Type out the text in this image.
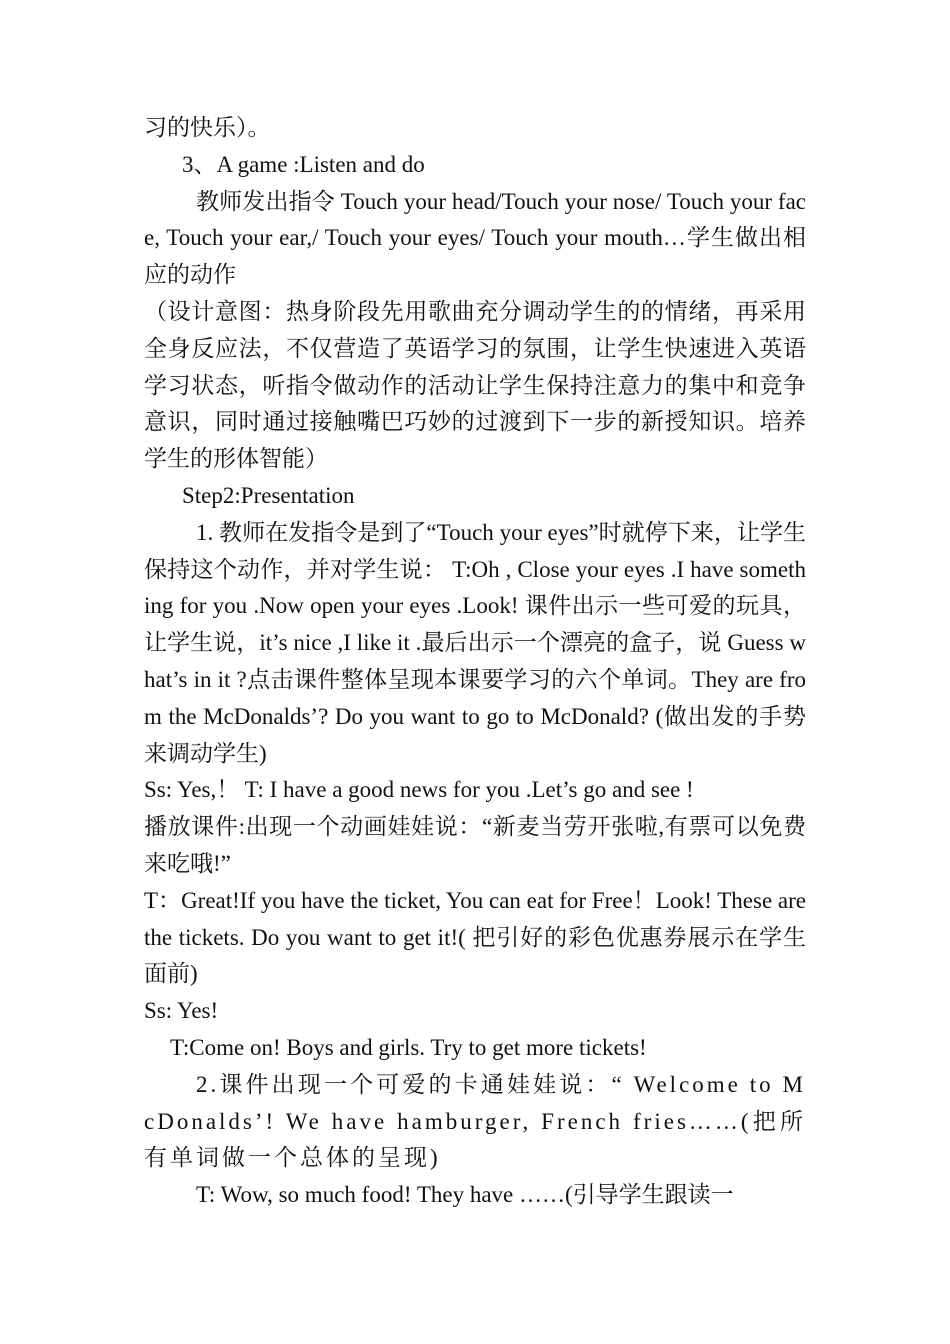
习的快乐）。

3、A game :Listen and do

教师发出指令 Touch your head/Touch your nose/ Touch your face, Touch your ear,/ Touch your eyes/ Touch your mouth…学生做出相应的动作

（设计意图：热身阶段先用歌曲充分调动学生的的情绪，再采用全身反应法，不仅营造了英语学习的氛围，让学生快速进入英语学习状态，听指令做动作的活动让学生保持注意力的集中和竞争意识，同时通过接触嘴巴巧妙的过渡到下一步的新授知识。培养学生的形体智能）

Step2:Presentation

1. 教师在发指令是到了“Touch your eyes”时就停下来，让学生保持这个动作，并对学生说： T:Oh , Close your eyes .I have something for you .Now open your eyes .Look! 课件出示一些可爱的玩具，让学生说，it’s nice ,I like it .最后出示一个漂亮的盒子，说 Guess what’s in it ?点击课件整体呈现本课要学习的六个单词。They are from the McDonalds’? Do you want to go to McDonald? (做出发的手势来调动学生)

Ss: Yes,！ T: I have a good news for you .Let’s go and see !

播放课件:出现一个动画娃娃说：“新麦当劳开张啦,有票可以免费来吃哦!”

T：Great!If you have the ticket, You can eat for Free！Look! These are the tickets. Do you want to get it!( 把引好的彩色优惠券展示在学生面前)

Ss: Yes!

T:Come on! Boys and girls. Try to get more tickets!

2.课件出现一个可爱的卡通娃娃说：“ Welcome to McDonalds’! We have hamburger, French fries……(把所有单词做一个总体的呈现)

T: Wow, so much food! They have ……(引导学生跟读一
